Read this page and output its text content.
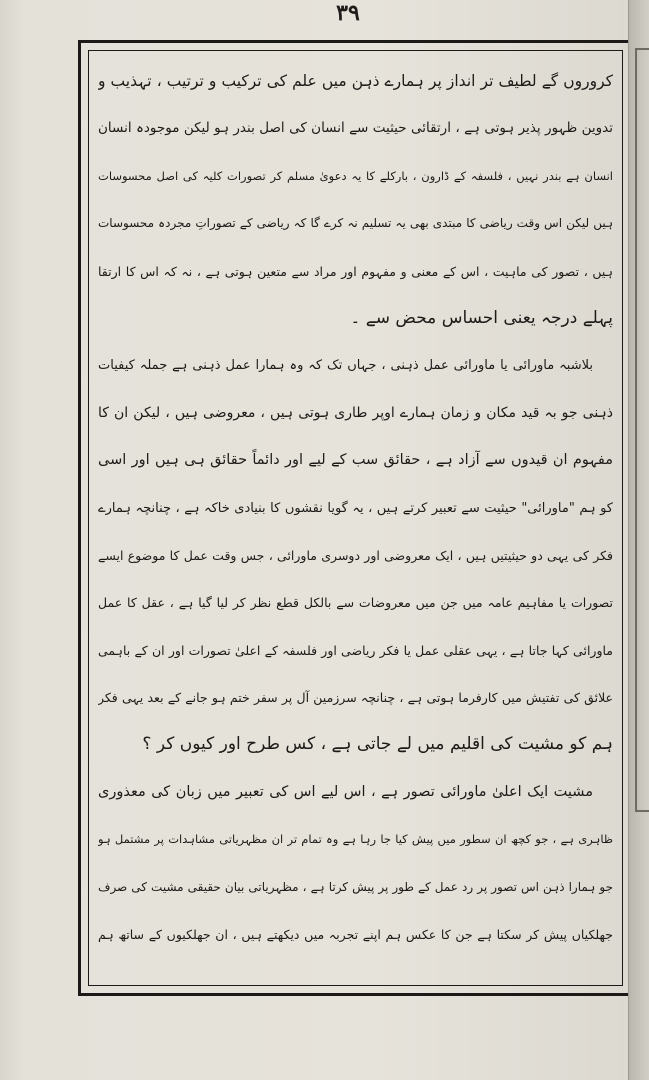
۳۹
کروروں گے لطیف تر انداز پر ہمارے ذہن میں علم کی ترکیب و ترتیب ، تہذیب و
تدوین ظہور پذیر ہوتی ہے ، ارتقائی حیثیت سے انسان کی اصل بندر ہو لیکن موجودہ انسان
انسان ہے بندر نہیں ، فلسفہ کے ڈارون ، بارکلے کا یہ دعویٰ مسلم کر تصورات کلیہ کی اصل محسوسات
ہیں لیکن اس وقت ریاضی کا مبتدی بھی یہ تسلیم نہ کرے گا کہ ریاضی کے تصوراتِ مجردہ محسوسات
ہیں ، تصور کی ماہیت ، اس کے معنی و مفہوم اور مراد سے متعین ہوتی ہے ، نہ کہ اس کا ارتقا
پہلے درجہ یعنی احساس محض سے ۔
بلاشبہ ماورائی یا ماورائی عمل ذہنی ، جہاں تک کہ وہ ہمارا عمل ذہنی ہے جملہ کیفیات
ذہنی جو بہ قید مکان و زمان ہمارے اوپر طاری ہوتی ہیں ، معروضی ہیں ، لیکن ان کا
مفہوم ان قیدوں سے آزاد ہے ، حقائق سب کے لیے اور دائماً حقائق ہی ہیں اور اسی
کو ہم "ماورائی" حیثیت سے تعبیر کرتے ہیں ، یہ گویا نقشوں کا بنیادی خاکہ ہے ، چنانچہ ہمارے
فکر کی یہی دو حیثیتیں ہیں ، ایک معروضی اور دوسری ماورائی ، جس وقت عمل کا موضوع ایسے
تصورات یا مفاہیم عامہ میں جن میں معروضات سے بالکل قطع نظر کر لیا گیا ہے ، عقل کا عمل
ماورائی کہا جاتا ہے ، یہی عقلی عمل یا فکر ریاضی اور فلسفہ کے اعلیٰ تصورات اور ان کے باہمی
علائق کی تفتیش میں کارفرما ہوتی ہے ، چنانچہ سرزمین آل پر سفر ختم ہو جانے کے بعد یہی فکر
ہم کو مشیت کی اقلیم میں لے جاتی ہے ، کس طرح اور کیوں کر ؟
مشیت ایک اعلیٰ ماورائی تصور ہے ، اس لیے اس کی تعبیر میں زبان کی معذوری
ظاہری ہے ، جو کچھ ان سطور میں پیش کیا جا رہا ہے وہ تمام تر ان مظہریاتی مشاہدات پر مشتمل ہو
جو ہمارا ذہن اس تصور پر رد عمل کے طور پر پیش کرتا ہے ، مظہریاتی بیان حقیقی مشیت کی صرف
جھلکیاں پیش کر سکتا ہے جن کا عکس ہم اپنے تجربہ میں دیکھتے ہیں ، ان جھلکیوں کے ساتھ ہم
